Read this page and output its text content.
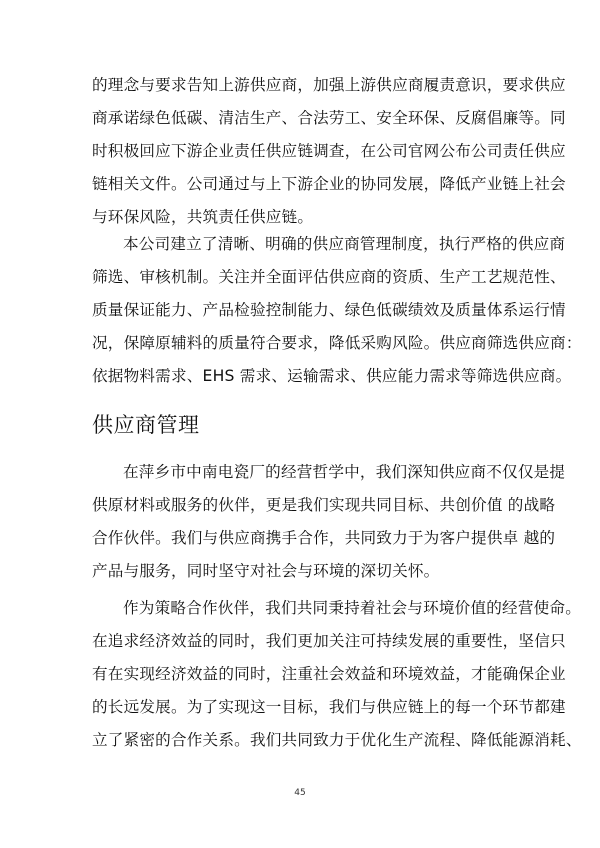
的理念与要求告知上游供应商，加强上游供应商履责意识，要求供应
商承诺绿色低碳、清洁生产、合法劳工、安全环保、反腐倡廉等。同
时积极回应下游企业责任供应链调查，在公司官网公布公司责任供应
链相关文件。公司通过与上下游企业的协同发展，降低产业链上社会
与环保风险，共筑责任供应链。
本公司建立了清晰、明确的供应商管理制度，执行严格的供应商
筛选、审核机制。关注并全面评估供应商的资质、生产工艺规范性、
质量保证能力、产品检验控制能力、绿色低碳绩效及质量体系运行情
况，保障原辅料的质量符合要求，降低采购风险。供应商筛选供应商：
依据物料需求、EHS 需求、运输需求、供应能力需求等筛选供应商。
供应商管理
在萍乡市中南电瓷厂的经营哲学中，我们深知供应商不仅仅是提
供原材料或服务的伙伴，更是我们实现共同目标、共创价值 的战略
合作伙伴。我们与供应商携手合作，共同致力于为客户提供卓 越的
产品与服务，同时坚守对社会与环境的深切关怀。
作为策略合作伙伴，我们共同秉持着社会与环境价值的经营使命。
在追求经济效益的同时，我们更加关注可持续发展的重要性，坚信只
有在实现经济效益的同时，注重社会效益和环境效益，才能确保企业
的长远发展。为了实现这一目标，我们与供应链上的每一个环节都建
立了紧密的合作关系。我们共同致力于优化生产流程、降低能源消耗、
45
